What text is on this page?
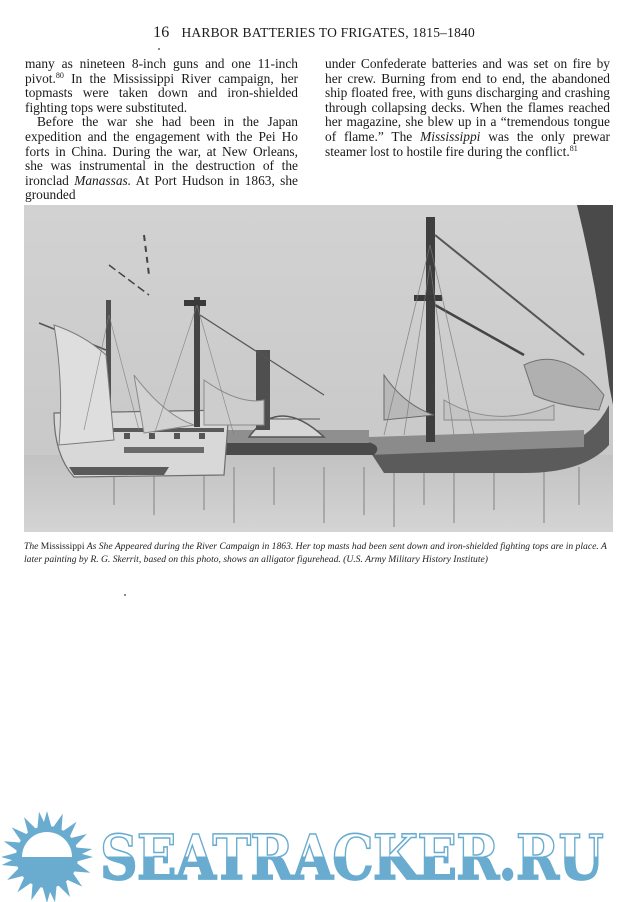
16 HARBOR BATTERIES TO FRIGATES, 1815–1840

many as nineteen 8-inch guns and one 11-inch pivot.$^{80}$ In the Mississippi River campaign, her topmasts were taken down and iron-shielded fighting tops were substituted.

Before the war she had been in the Japan expedition and the engagement with the Pei Ho forts in China. During the war, at New Orleans, she was instrumental in the destruction of the ironclad Manassas. At Port Hudson in 1863, she grounded

under Confederate batteries and was set on fire by her crew. Burning from end to end, the abandoned ship floated free, with guns discharging and crashing through collapsing decks. When the flames reached her magazine, she blew up in a “tremendous tongue of flame.” The Mississippi was the only prewar steamer lost to hostile fire during the conflict.$^{81}$

The Mississippi As She Appeared during the River Campaign in 1863. Her top masts had been sent down and iron-shielded fighting tops are in place. A later painting by R. G. Skerrit, based on this photo, shows an alligator figurehead. (U.S. Army Military History Institute)
SEATRACKER.RU
